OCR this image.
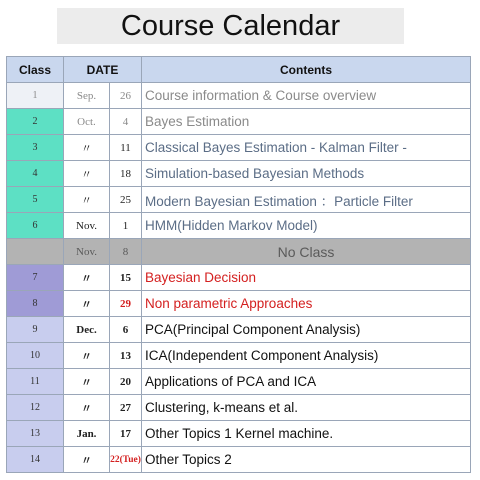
Course Calendar
Class	DATE		Contents
1	Sep.	26	Course information & Course overview
2	Oct.	4	Bayes Estimation
3	〃	11	Classical Bayes Estimation - Kalman Filter -
4	〃	18	Simulation-based Bayesian Methods
5	〃	25	Modern Bayesian Estimation ：Particle Filter
6	Nov.	1	HMM(Hidden Markov Model)
	Nov.	8	No Class
7	〃	15	Bayesian Decision
8	〃	29	Non parametric Approaches
9	Dec.	6	PCA(Principal Component Analysis)
10	〃	13	ICA(Independent Component Analysis)
11	〃	20	Applications of PCA and ICA
12	〃	27	Clustering, k-means et al.
13	Jan.	17	Other Topics 1 Kernel machine.
14	〃	22(Tue)	Other Topics 2
